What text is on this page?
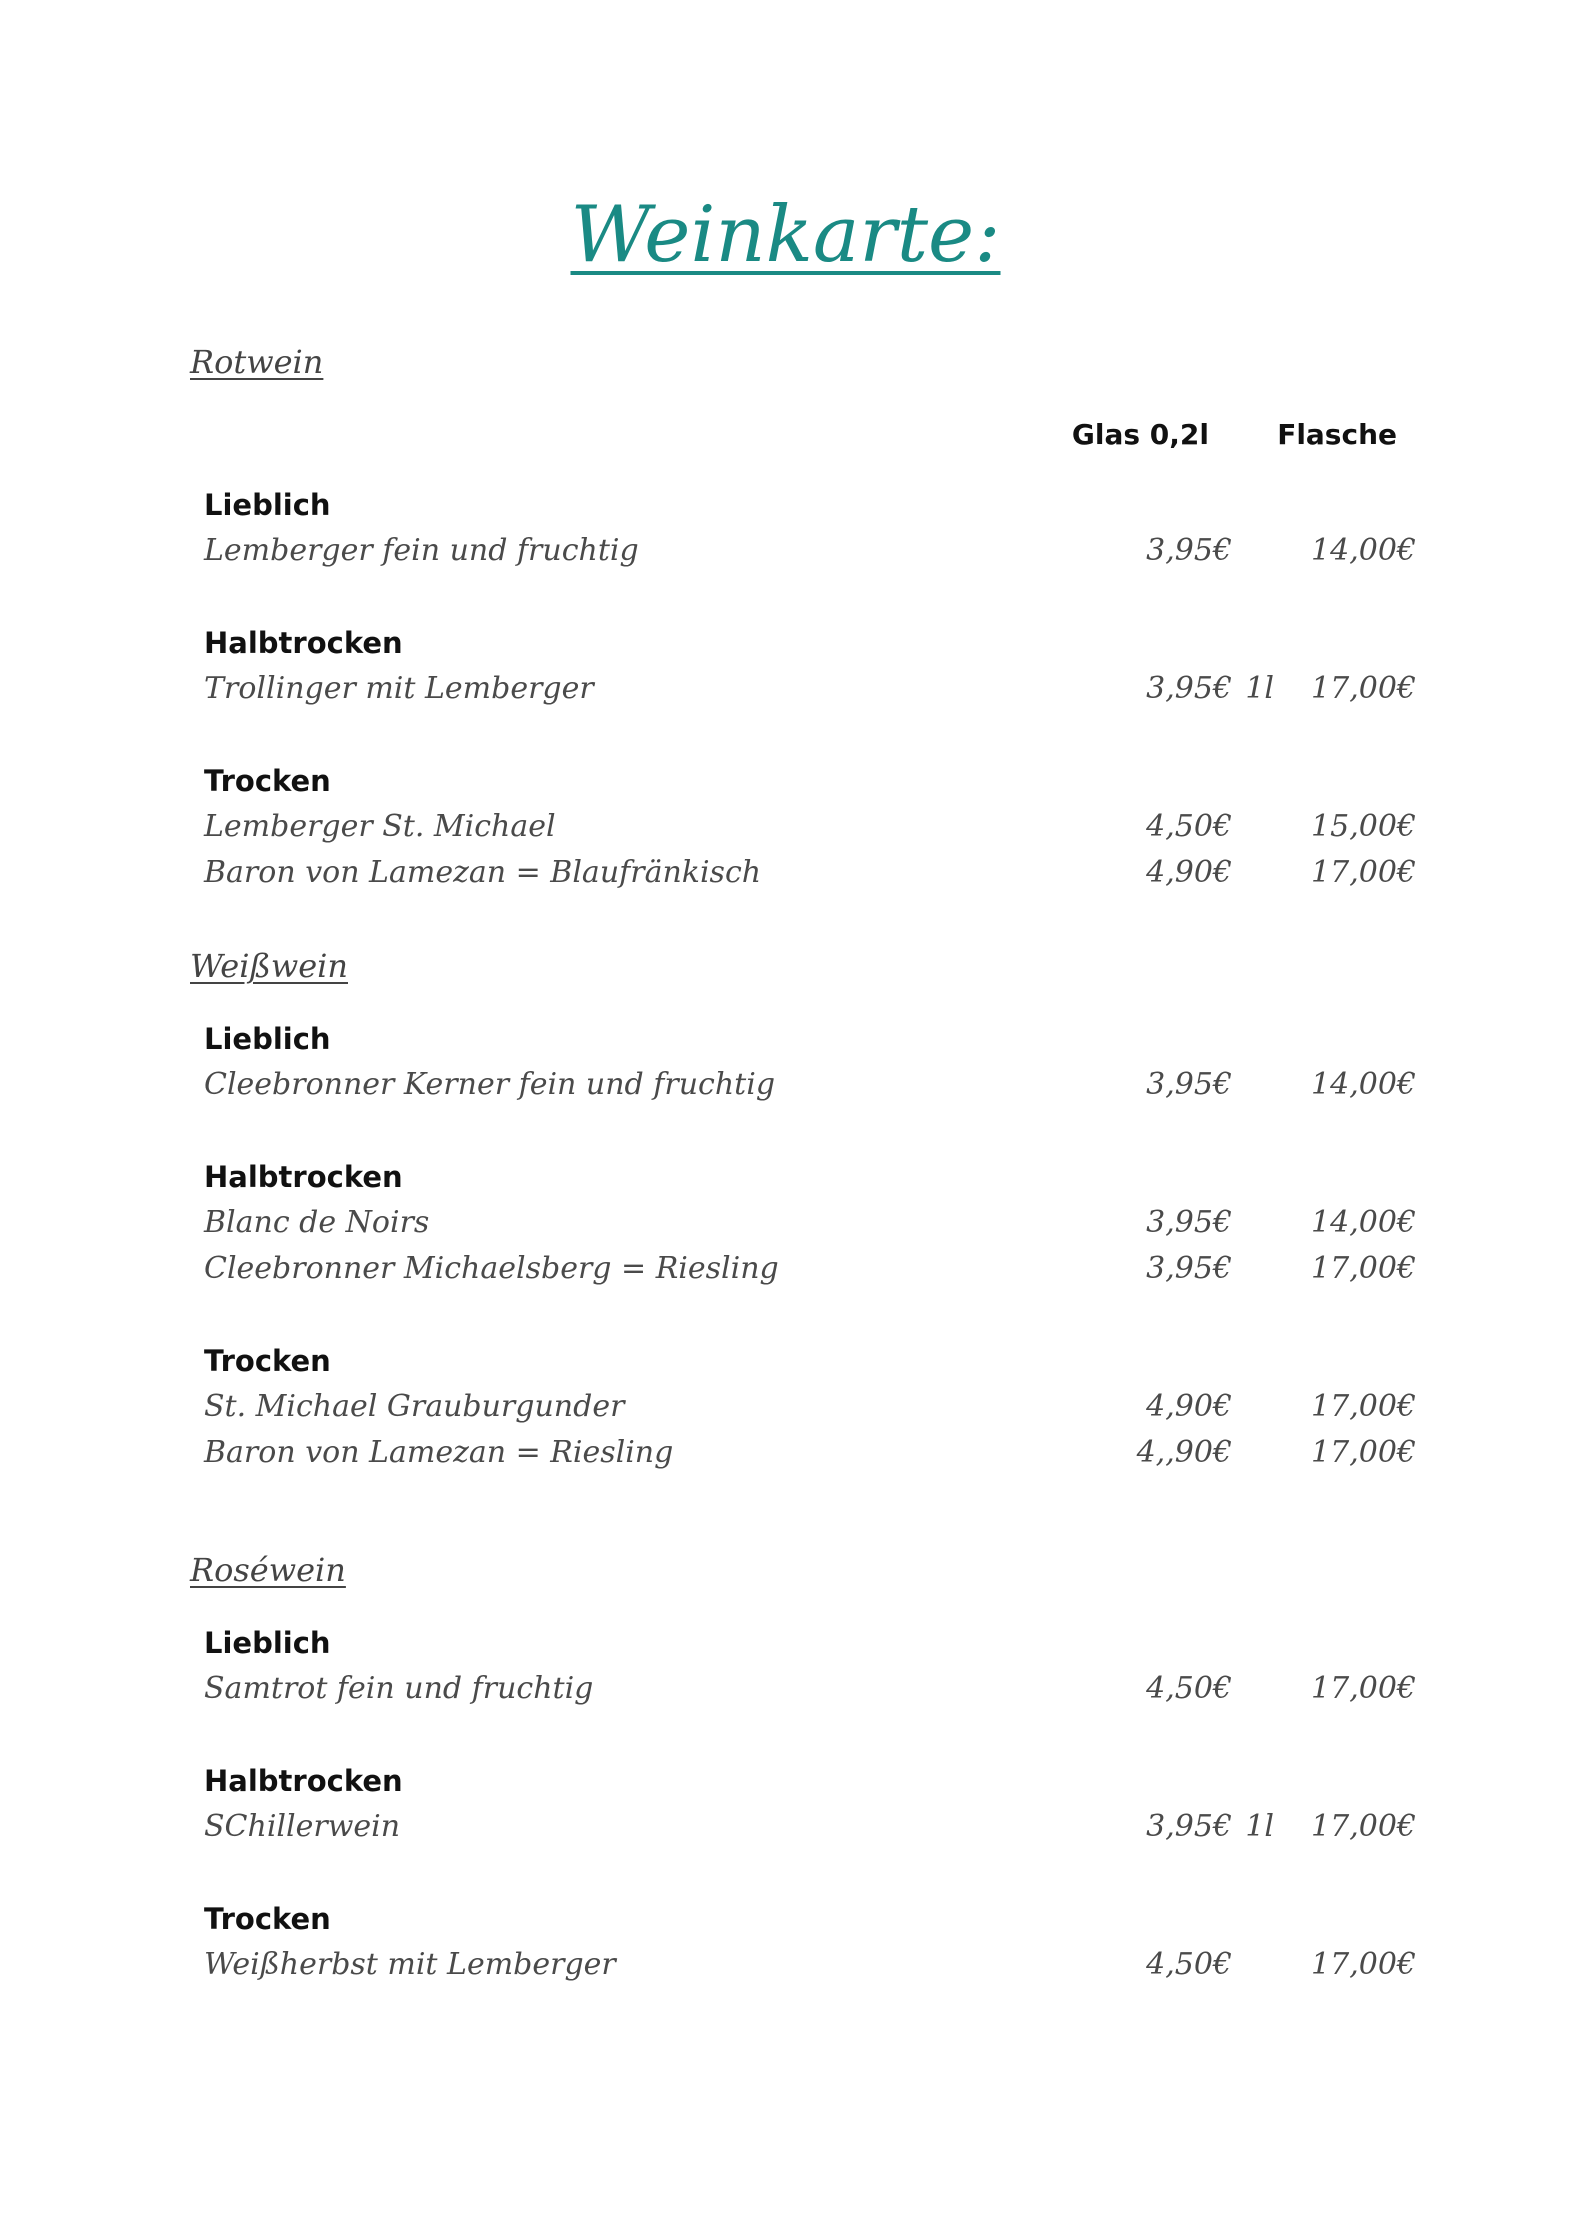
Weinkarte:
Glas 0,2l Flasche
Rotwein
Lieblich
Lemberger fein und fruchtig	3,95€	14,00€
Halbtrocken
Trollinger mit Lemberger	3,95€ 1l 17,00€
Trocken
Lemberger St. Michael	4,50€	15,00€
Baron von Lamezan = Blaufränkisch	4,90€	17,00€
Weißwein
Lieblich
Cleebronner Kerner fein und fruchtig	3,95€	14,00€
Halbtrocken
Blanc de Noirs	3,95€	14,00€
Cleebronner Michaelsberg = Riesling	3,95€	17,00€
Trocken
St. Michael Grauburgunder	4,90€	17,00€
Baron von Lamezan = Riesling	4,,90€	17,00€
Roséwein
Lieblich
Samtrot fein und fruchtig	4,50€	17,00€
Halbtrocken
SChillerwein	3,95€ 1l 17,00€
Trocken
Weißherbst mit Lemberger	4,50€	17,00€
